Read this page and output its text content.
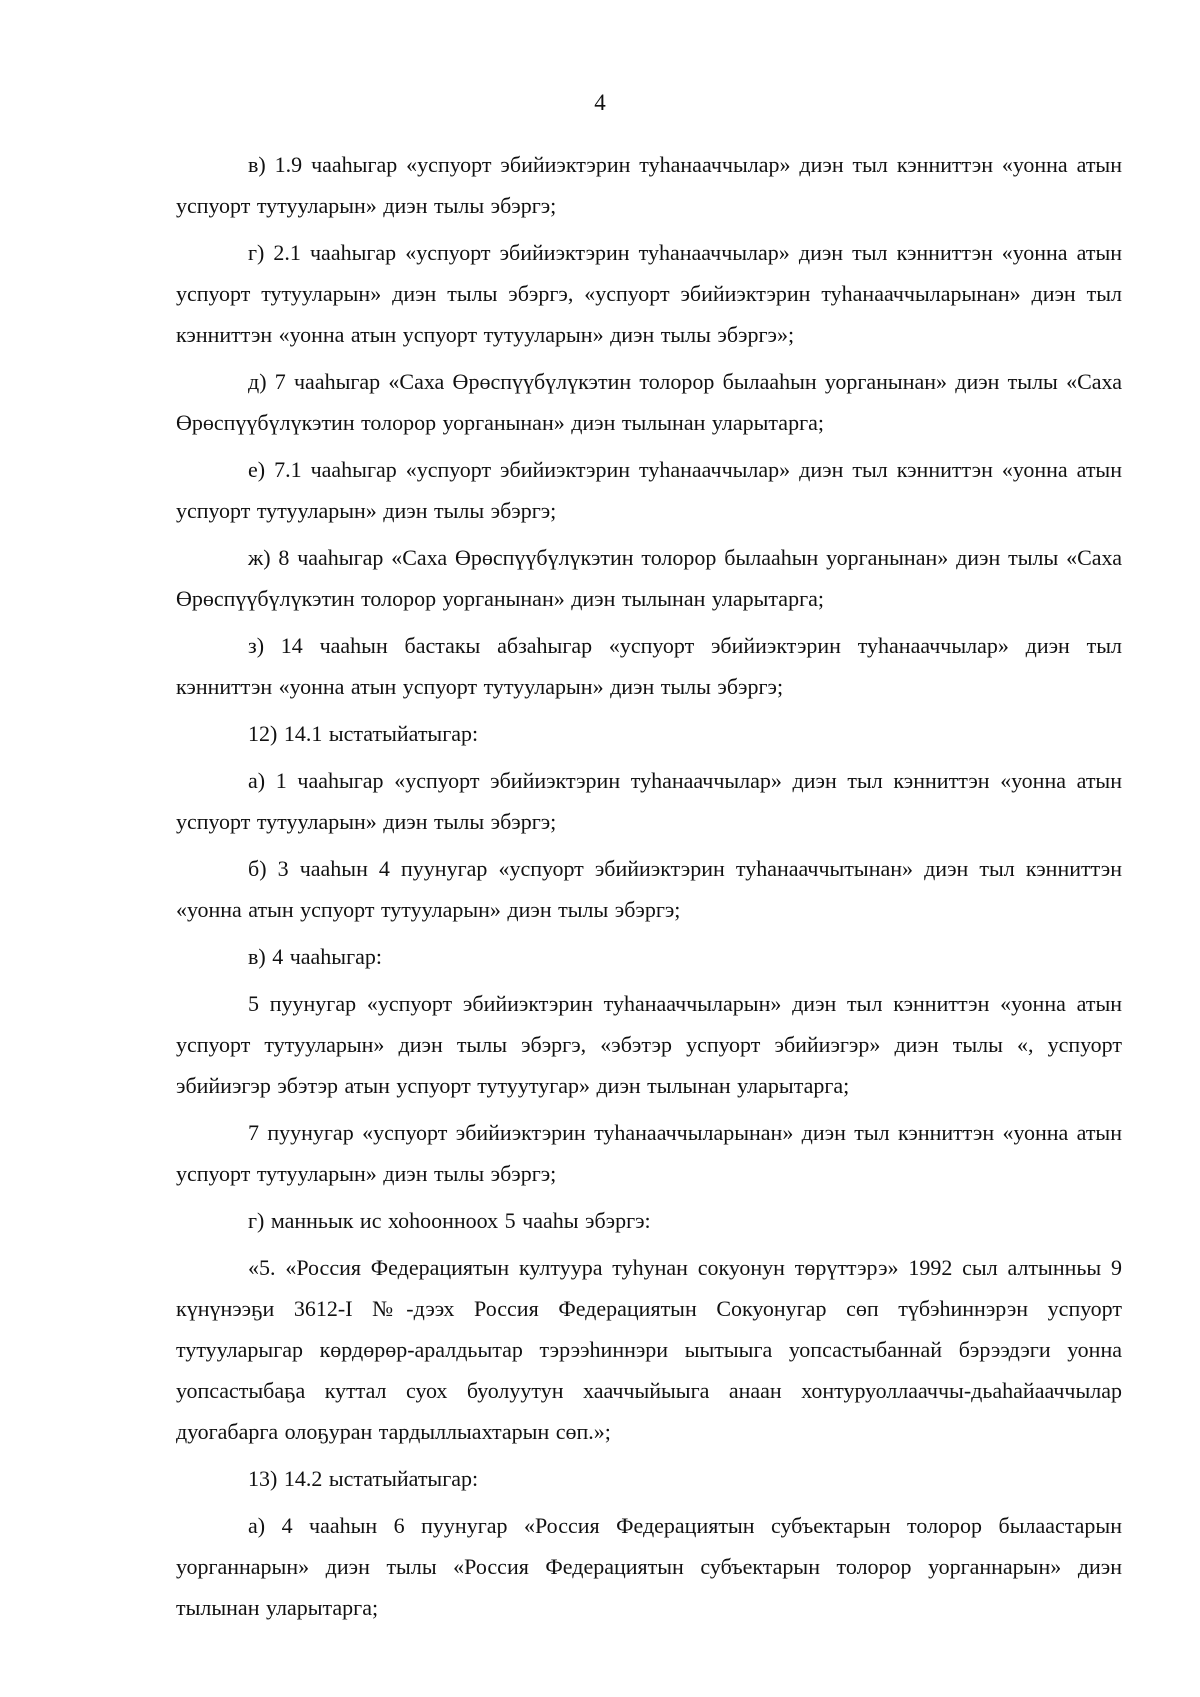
4

в) 1.9 чааһыгар «успуорт эбийиэктэрин туһанааччылар» диэн тыл кэнниттэн «уонна атын успуорт тутууларын» диэн тылы эбэргэ;

г) 2.1 чааһыгар «успуорт эбийиэктэрин туһанааччылар» диэн тыл кэнниттэн «уонна атын успуорт тутууларын» диэн тылы эбэргэ, «успуорт эбийиэктэрин туһанааччыларынан» диэн тыл кэнниттэн «уонна атын успуорт тутууларын» диэн тылы эбэргэ»;

д) 7 чааһыгар «Саха Өрөспүүбүлүкэтин толорор былааһын уорганынан» диэн тылы «Саха Өрөспүүбүлүкэтин толорор уорганынан» диэн тылынан уларытарга;

е) 7.1 чааһыгар «успуорт эбийиэктэрин туһанааччылар» диэн тыл кэнниттэн «уонна атын успуорт тутууларын» диэн тылы эбэргэ;

ж) 8 чааһыгар «Саха Өрөспүүбүлүкэтин толорор былааһын уорганынан» диэн тылы «Саха Өрөспүүбүлүкэтин толорор уорганынан» диэн тылынан уларытарга;

з) 14 чааһын бастакы абзаһыгар «успуорт эбийиэктэрин туһанааччылар» диэн тыл кэнниттэн «уонна атын успуорт тутууларын» диэн тылы эбэргэ;

12) 14.1 ыстатыйатыгар:

а) 1 чааһыгар «успуорт эбийиэктэрин туһанааччылар» диэн тыл кэнниттэн «уонна атын успуорт тутууларын» диэн тылы эбэргэ;

б) 3 чааһын 4 пуунугар «успуорт эбийиэктэрин туһанааччытынан» диэн тыл кэнниттэн «уонна атын успуорт тутууларын» диэн тылы эбэргэ;

в) 4 чааһыгар:

5 пуунугар «успуорт эбийиэктэрин туһанааччыларын» диэн тыл кэнниттэн «уонна атын успуорт тутууларын» диэн тылы эбэргэ, «эбэтэр успуорт эбийиэгэр» диэн тылы «, успуорт эбийиэгэр эбэтэр атын успуорт тутуутугар» диэн тылынан уларытарга;

7 пуунугар «успуорт эбийиэктэрин туһанааччыларынан» диэн тыл кэнниттэн «уонна атын успуорт тутууларын» диэн тылы эбэргэ;

г) манньык ис хоһоонноох 5 чааһы эбэргэ:

«5. «Россия Федерациятын култуура туһунан сокуонун төрүттэрэ» 1992 сыл алтынньы 9 күнүнээҕи 3612-I №-дээх Россия Федерациятын Сокуонугар сөп түбэһиннэрэн успуорт тутууларыгар көрдөрөр-аралдьытар тэрээһиннэри ыытыыга уопсастыбаннай бэрээдэги уонна уопсастыбаҕа куттал суох буолуутун хааччыйыыга анаан хонтуруоллааччы-дьаһайааччылар дуогабарга олоҕуран тардыллыахтарын сөп.»;

13) 14.2 ыстатыйатыгар:

а) 4 чааһын 6 пуунугар «Россия Федерациятын субъектарын толорор былаастарын уорганнарын» диэн тылы «Россия Федерациятын субъектарын толорор уорганнарын» диэн тылынан уларытарга;
